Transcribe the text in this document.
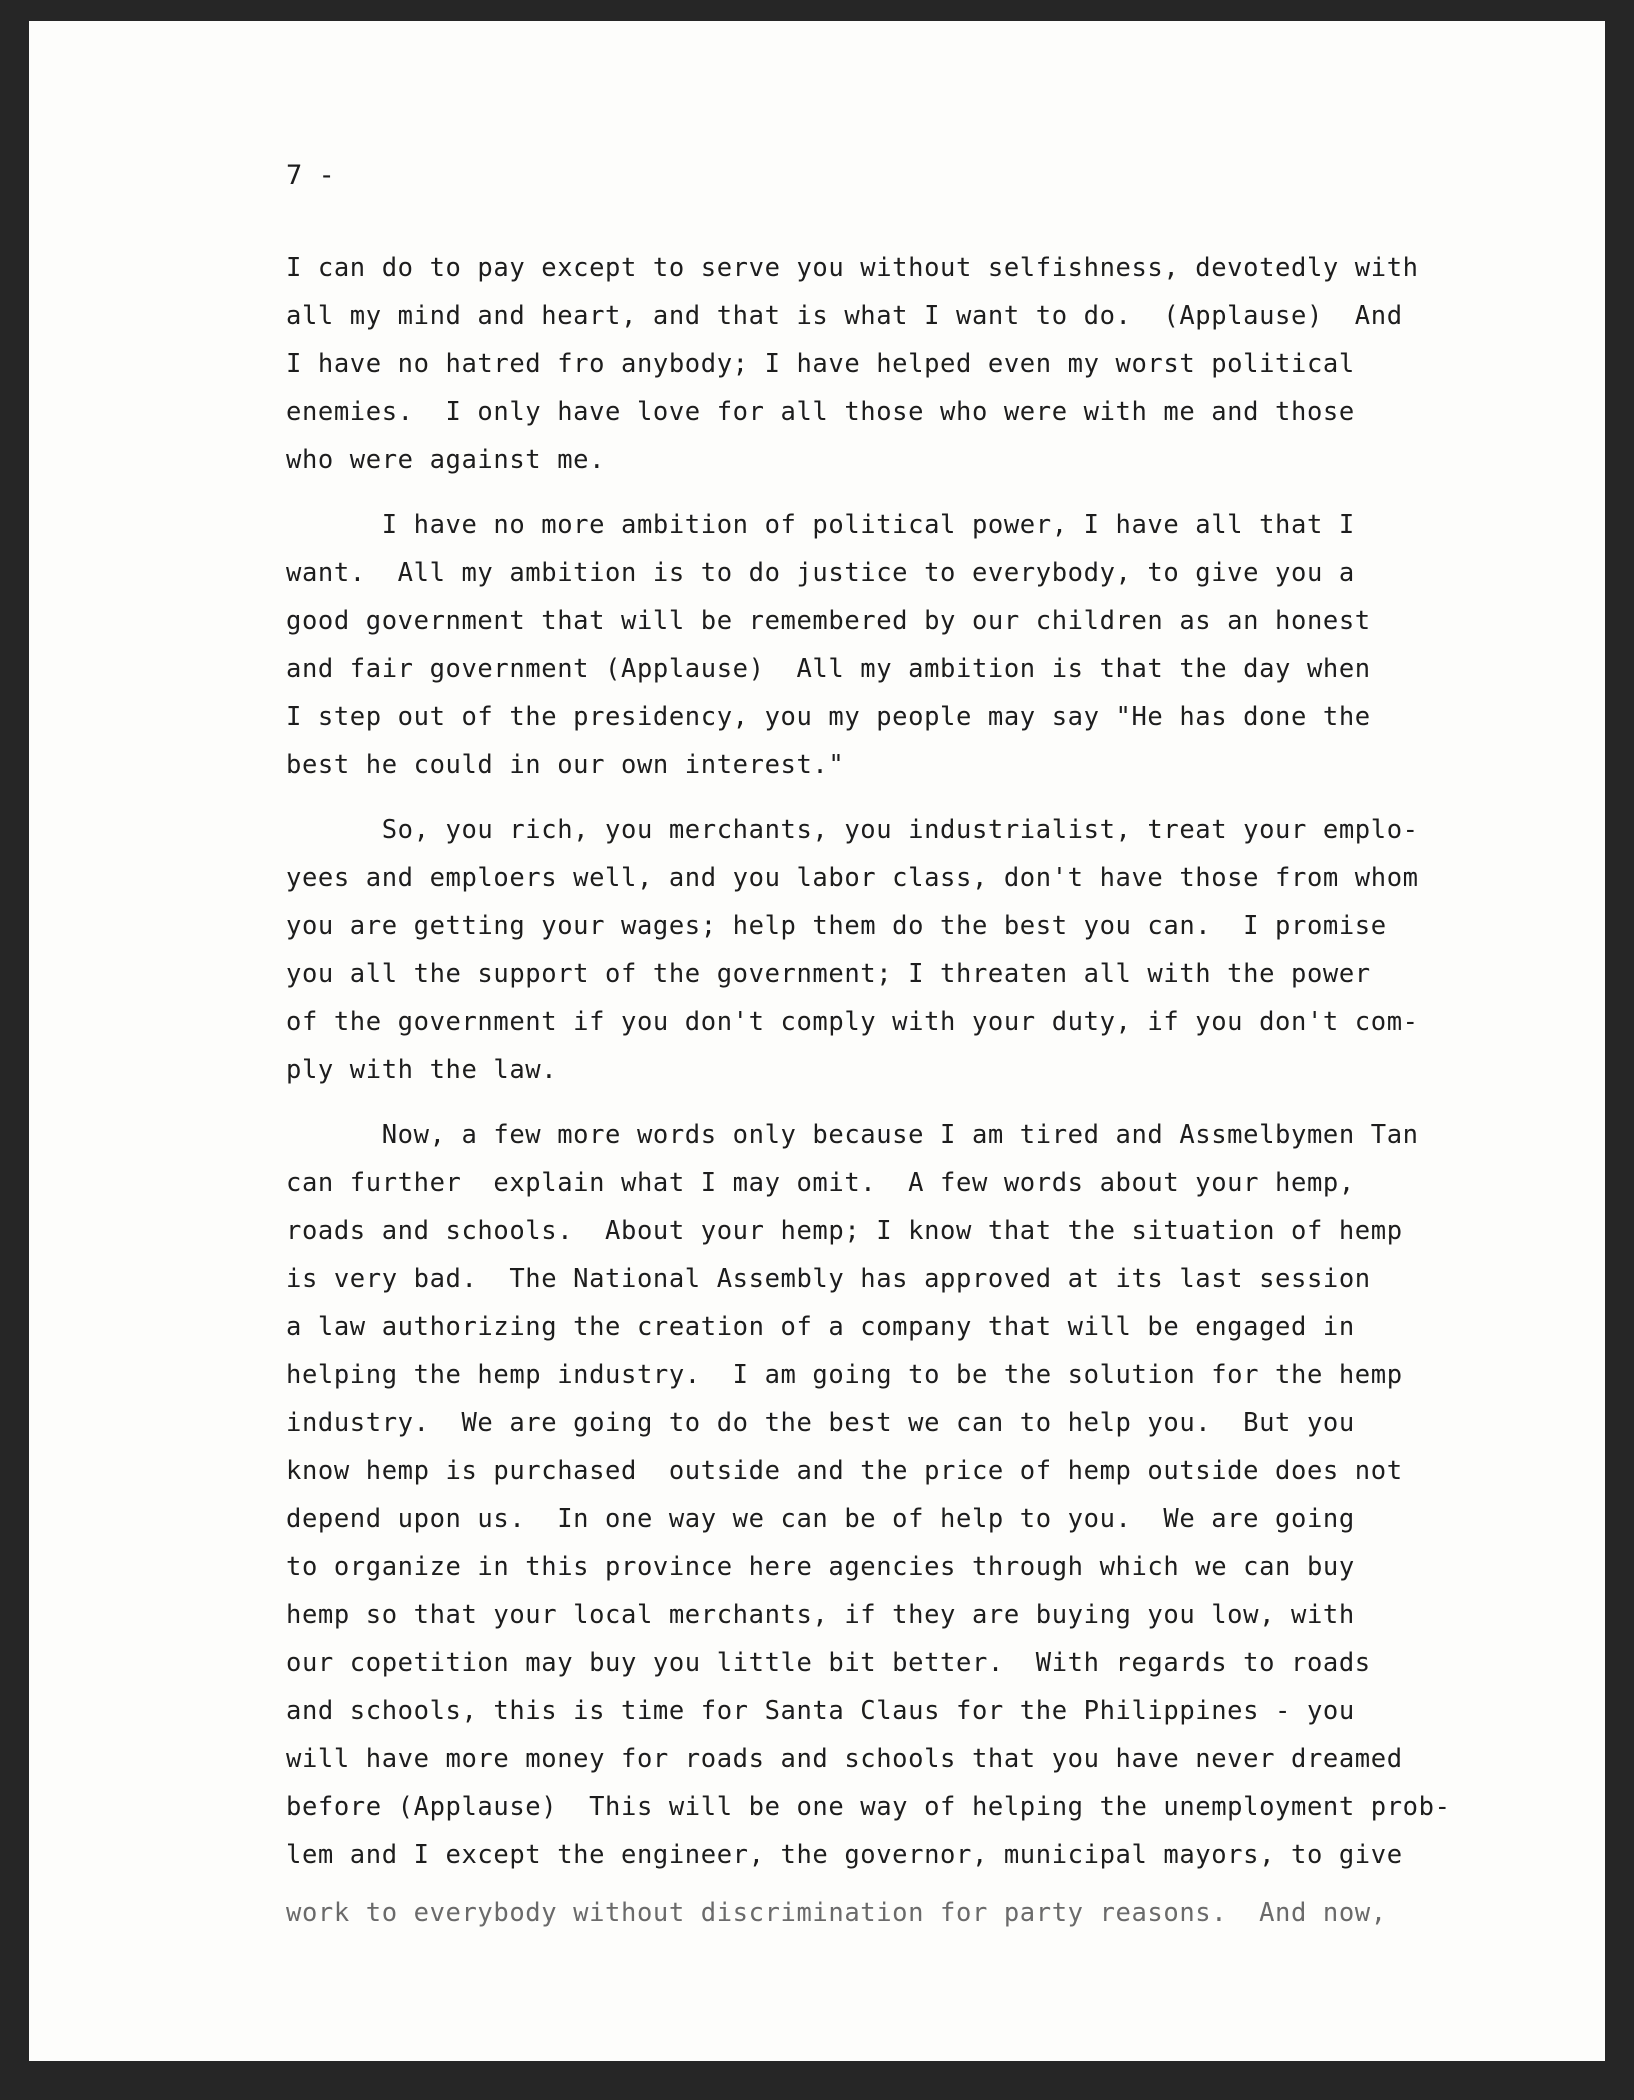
7 -

I can do to pay except to serve you without selfishness, devotedly with

all my mind and heart, and that is what I want to do.  (Applause)  And

I have no hatred fro anybody; I have helped even my worst political

enemies.  I only have love for all those who were with me and those

who were against me.

I have no more ambition of political power, I have all that I

want.  All my ambition is to do justice to everybody, to give you a

good government that will be remembered by our children as an honest

and fair government (Applause)  All my ambition is that the day when

I step out of the presidency, you my people may say "He has done the

best he could in our own interest."

So, you rich, you merchants, you industrialist, treat your emplo-

yees and emploers well, and you labor class, don't have those from whom

you are getting your wages; help them do the best you can.  I promise

you all the support of the government; I threaten all with the power

of the government if you don't comply with your duty, if you don't com-

ply with the law.

Now, a few more words only because I am tired and Assmelbymen Tan

can further  explain what I may omit.  A few words about your hemp,

roads and schools.  About your hemp; I know that the situation of hemp

is very bad.  The National Assembly has approved at its last session

a law authorizing the creation of a company that will be engaged in

helping the hemp industry.  I am going to be the solution for the hemp

industry.  We are going to do the best we can to help you.  But you

know hemp is purchased  outside and the price of hemp outside does not

depend upon us.  In one way we can be of help to you.  We are going

to organize in this province here agencies through which we can buy

hemp so that your local merchants, if they are buying you low, with

our copetition may buy you little bit better.  With regards to roads

and schools, this is time for Santa Claus for the Philippines - you

will have more money for roads and schools that you have never dreamed

before (Applause)  This will be one way of helping the unemployment prob-

lem and I except the engineer, the governor, municipal mayors, to give

work to everybody without discrimination for party reasons.  And now,
